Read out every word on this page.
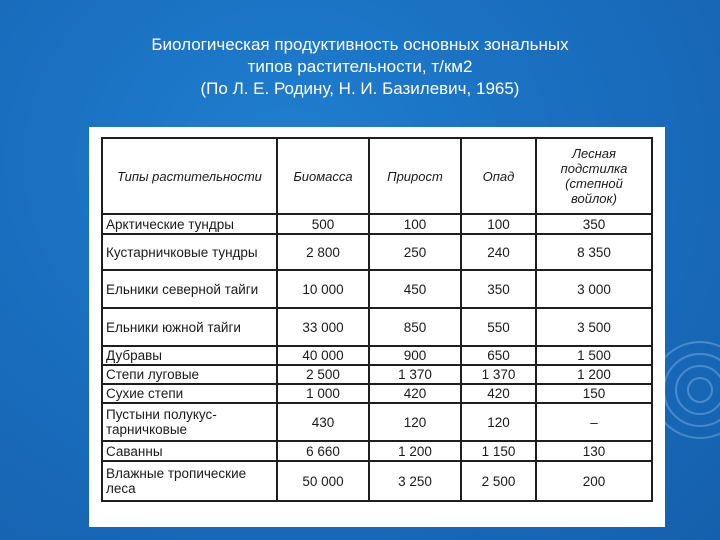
Биологическая продуктивность основных зональных
типов растительности, т/км2
(По Л. Е. Родину, Н. И. Базилевич, 1965)
Типы растительности	Биомасса	Прирост	Опад	Лесная подстилка (степной войлок)
Арктические тундры	500	100	100	350
Кустарничковые тундры	2 800	250	240	8 350
Ельники северной тайги	10 000	450	350	3 000
Ельники южной тайги	33 000	850	550	3 500
Дубравы	40 000	900	650	1 500
Степи луговые	2 500	1 370	1 370	1 200
Сухие степи	1 000	420	420	150
Пустыни полукус-тарничковые	430	120	120	–
Саванны	6 660	1 200	1 150	130
Влажные тропические леса	50 000	3 250	2 500	200
